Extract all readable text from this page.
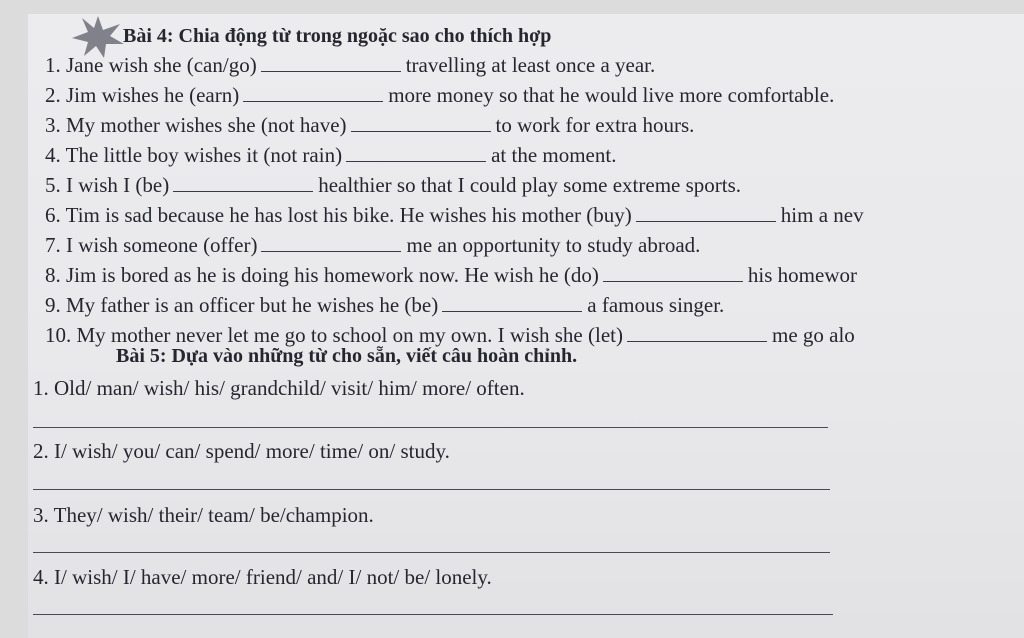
Bài 4: Chia động từ trong ngoặc sao cho thích hợp
1. Jane wish she (can/go)	travelling at least once a year.
2. Jim wishes he (earn)	more money so that he would live more comfortable.
3. My mother wishes she (not have)	to work for extra hours.
4. The little boy wishes it (not rain)	at the moment.
5. I wish I (be)	healthier so that I could play some extreme sports.
6. Tim is sad because he has lost his bike. He wishes his mother (buy)	him a nev
7. I wish someone (offer)	me an opportunity to study abroad.
8. Jim is bored as he is doing his homework now. He wish he (do)	his homewor
9. My father is an officer but he wishes he (be)	a famous singer.
10. My mother never let me go to school on my own. I wish she (let)	me go alo
Bài 5: Dựa vào những từ cho sẵn, viết câu hoàn chỉnh.
1. Old/ man/ wish/ his/ grandchild/ visit/ him/ more/ often.
2. I/ wish/ you/ can/ spend/ more/ time/ on/ study.
3. They/ wish/ their/ team/ be/champion.
4. I/ wish/ I/ have/ more/ friend/ and/ I/ not/ be/ lonely.
